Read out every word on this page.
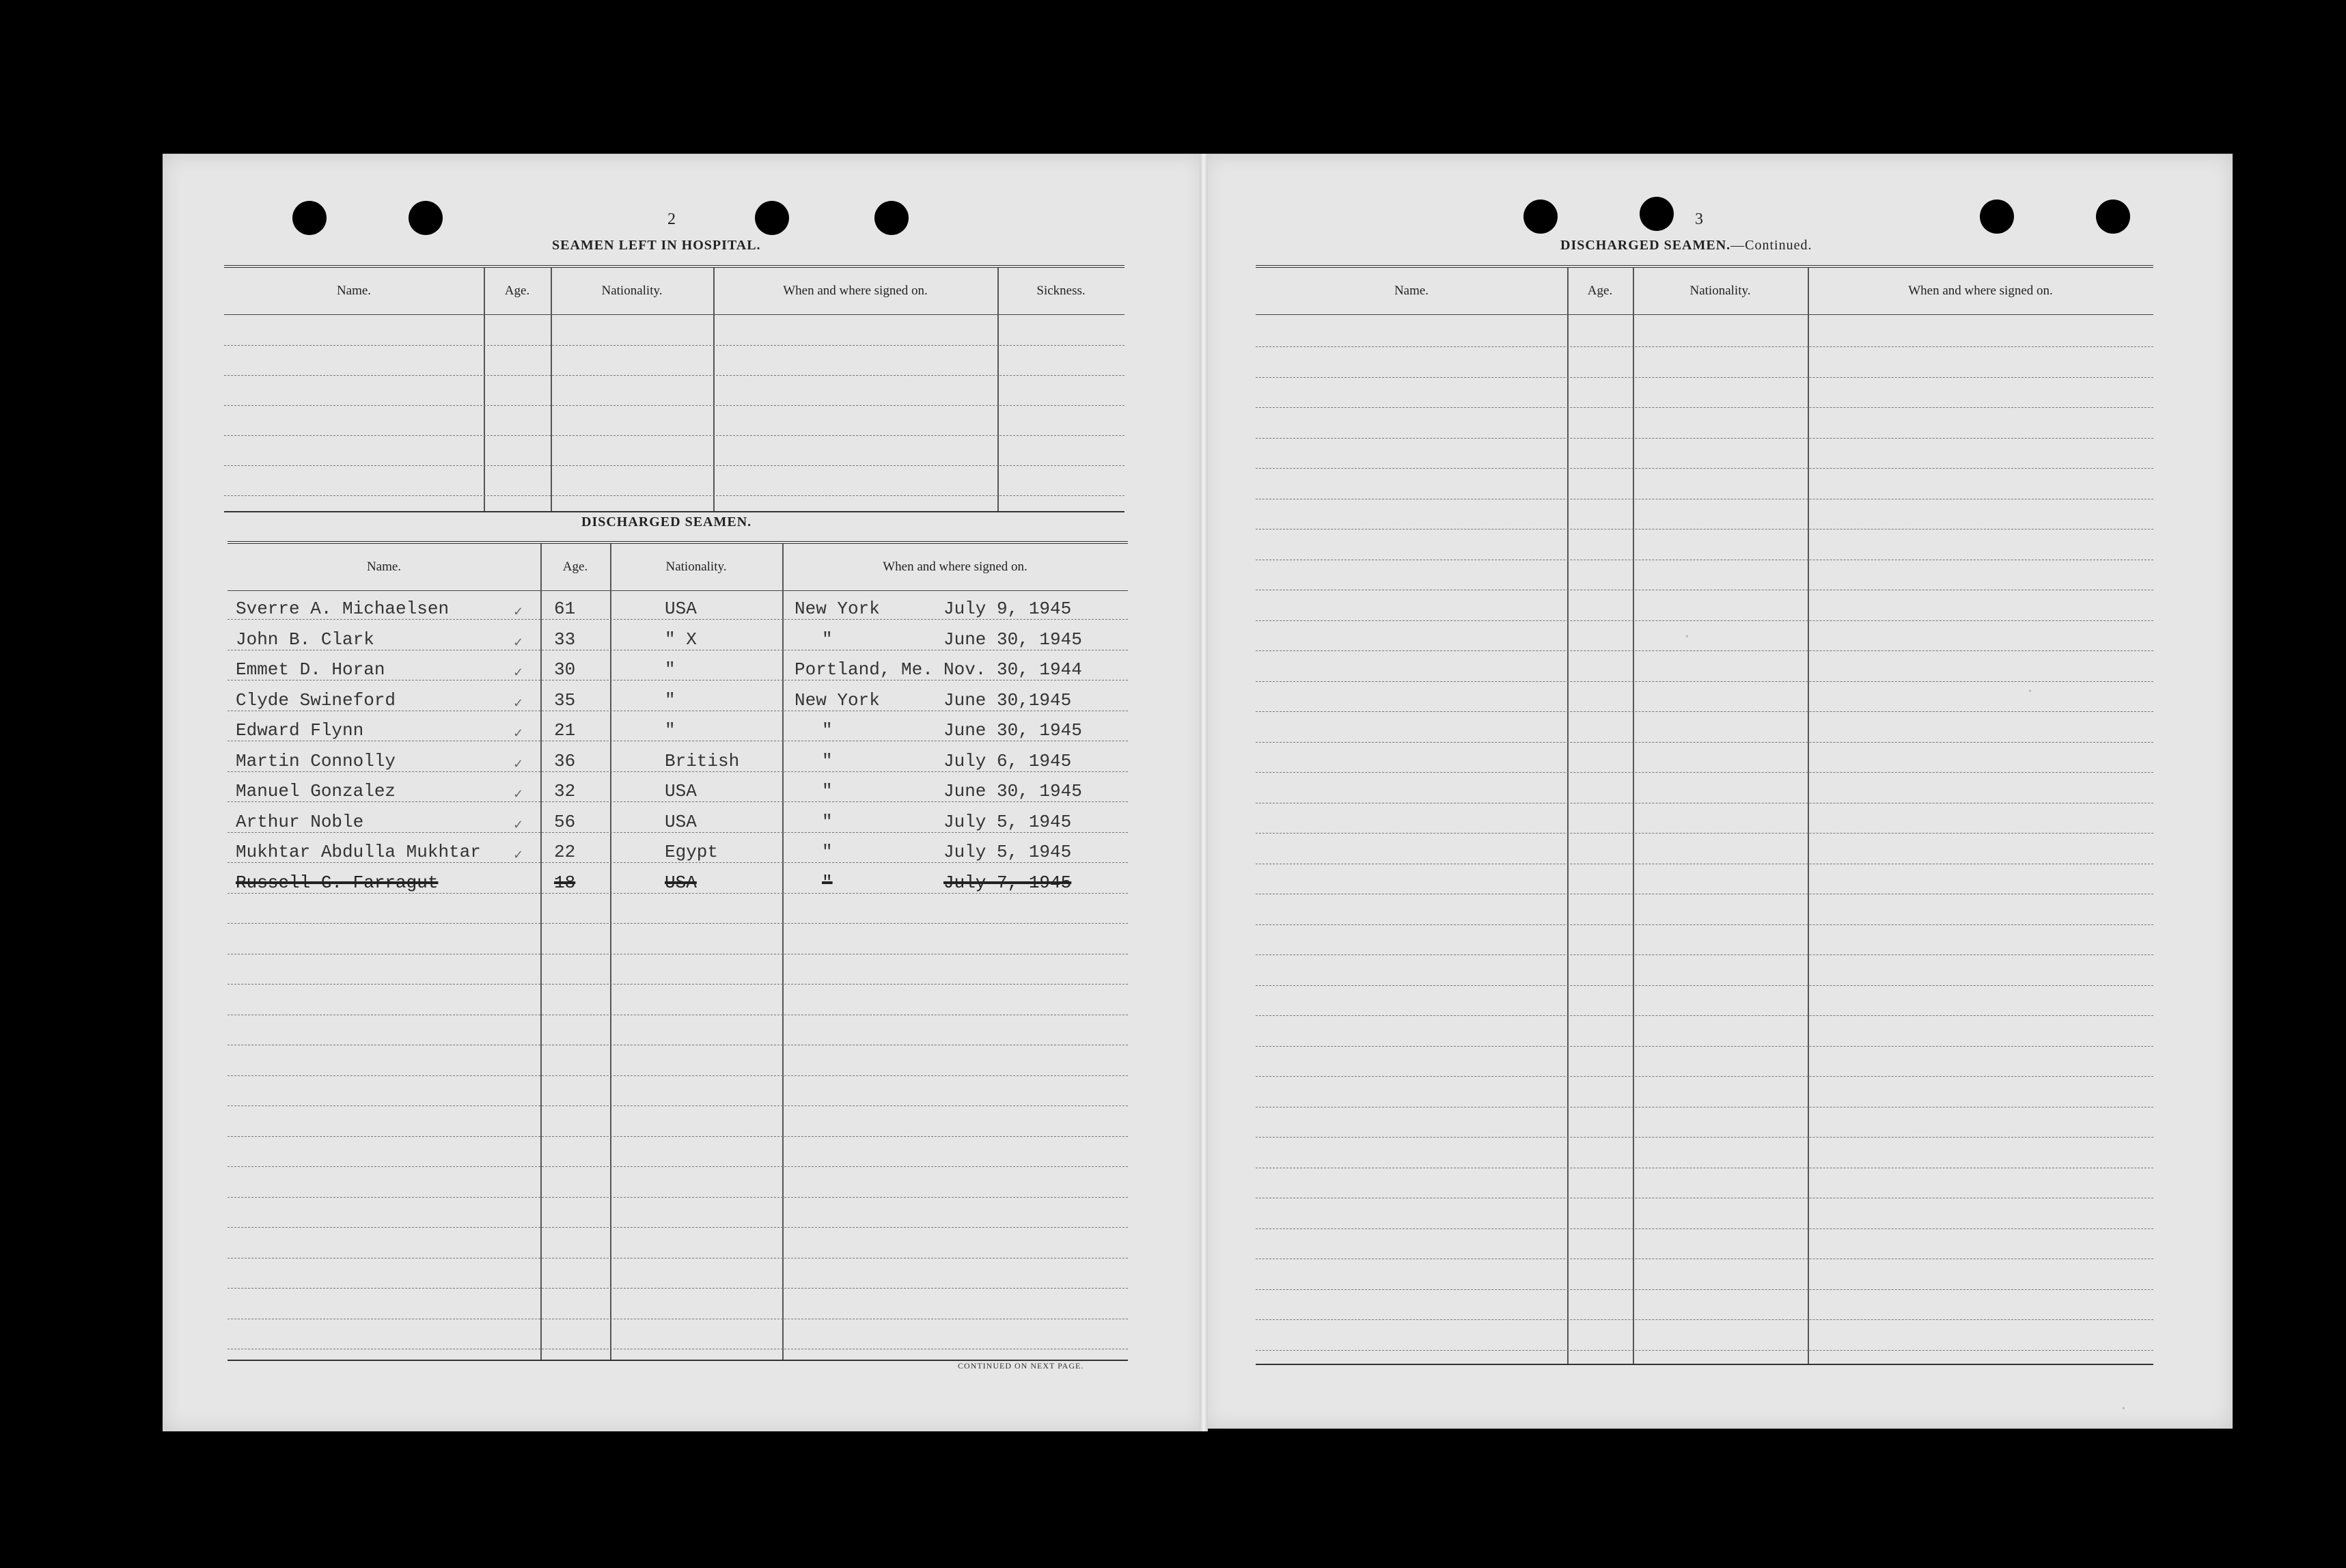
2
SEAMEN LEFT IN HOSPITAL.
Name.	Age.	Nationality.	When and where signed on.	Sickness.
DISCHARGED SEAMEN.
Name.	Age.	Nationality.	When and where signed on.
Sverre A. Michaelsen	61	USA	New York	July 9, 1945
✓
John B. Clark	33	" X	"	June 30, 1945
✓
Emmet D. Horan	30	"	Portland, Me. Nov. 30, 1944
✓
Clyde Swineford	35	"	New York	June 30,1945
✓
Edward Flynn	21	"	"	June 30, 1945
✓
Martin Connolly	36	British	"	July 6, 1945
✓
Manuel Gonzalez	32	USA	"	June 30, 1945
✓
Arthur Noble	56	USA	"	July 5, 1945
✓
Mukhtar Abdulla Mukhtar	22	Egypt	"	July 5, 1945
✓
Russell G. Farragut	18	USA	"	July 7, 1945
CONTINUED ON NEXT PAGE.
3
DISCHARGED SEAMEN.—Continued.
Name.	Age.	Nationality.	When and where signed on.
·
·
·
